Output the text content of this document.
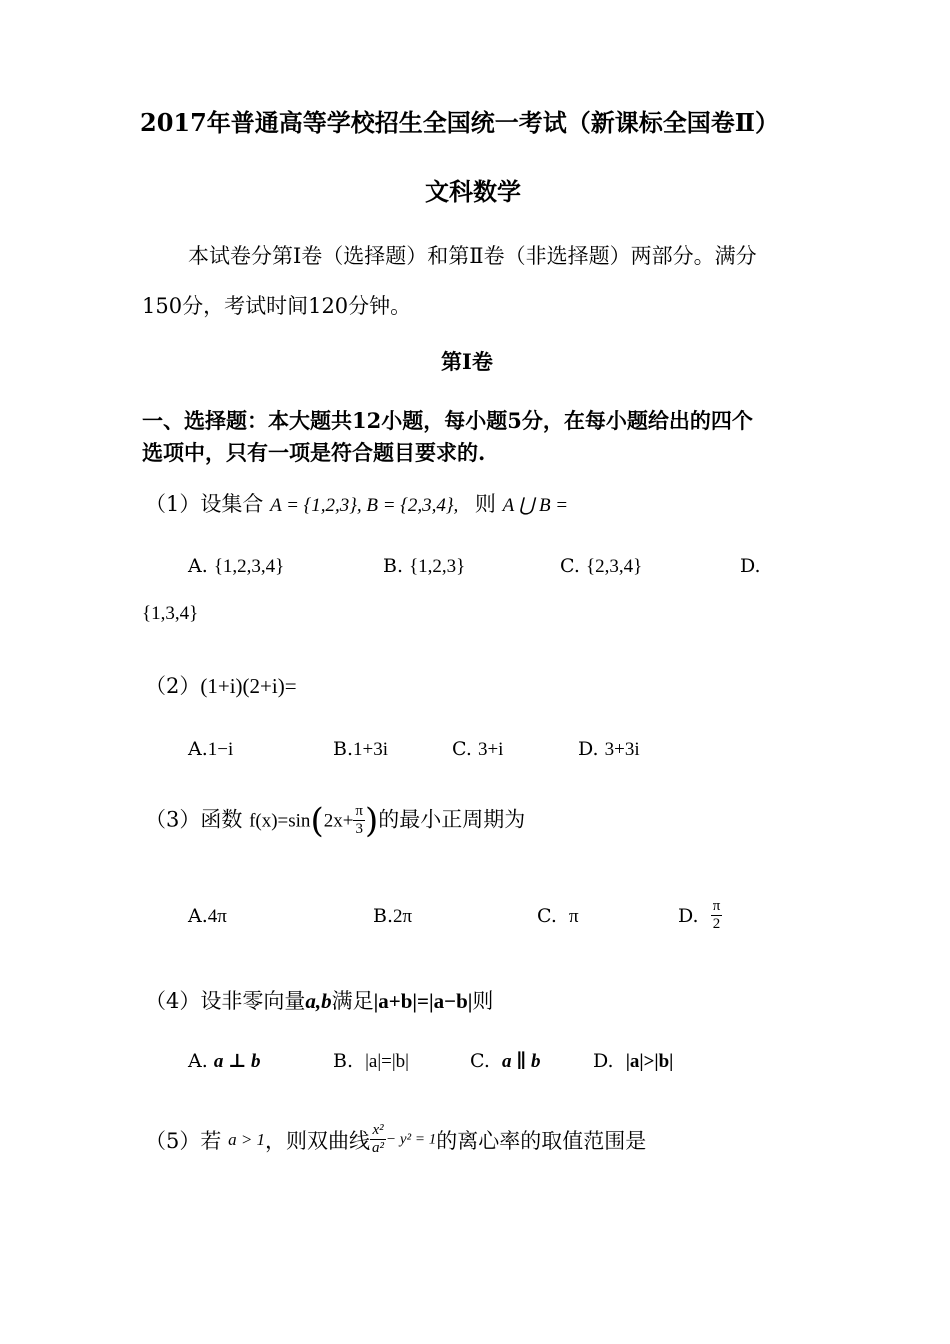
2017年普通高等学校招生全国统一考试（新课标全国卷Ⅱ）
文科数学
本试卷分第Ⅰ卷（选择题）和第Ⅱ卷（非选择题）两部分。满分
150分，考试时间120分钟。
第Ⅰ卷
一、选择题：本大题共12小题，每小题5分，在每小题给出的四个
选项中，只有一项是符合题目要求的.
（1）设集合 A = {1,2,3}, B = {2,3,4}, 则 A ⋃ B =
A. {1,2,3,4}	B. {1,2,3}	C. {2,3,4}	D.
{1,3,4}
（2）(1+i)(2+i)=
A.1−i	B.1+3i	C. 3+i	D. 3+3i
（3）函数 $f(x)=\sin(2x+ \frac{\pi}{3}$ )的最小正周期为
A.4π	B.2π	C. π	D. $\frac{\pi}{2}$
（4）设非零向量a,b满足|a+b|=|a−b|则
A. a ⊥ b	B. |a|=|b|	C. a ∥ b	D. |a|>|b|
（5）若 a > 1，则双曲线 $\frac{\text{x²}}{\text{a²}} - y^2 = 1$的离心率的取值范围是
